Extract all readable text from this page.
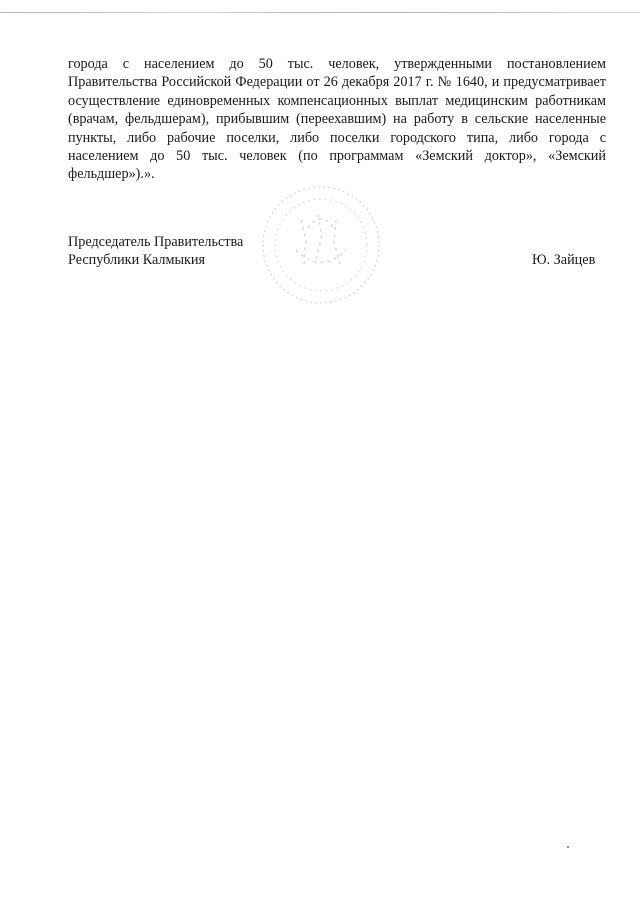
города с населением до 50 тыс. человек, утвержденными постановлением Правительства Российской Федерации от 26 декабря 2017 г. № 1640, и предусматривает осуществление единовременных компенсационных выплат медицинским работникам (врачам, фельдшерам), прибывшим (переехавшим) на работу в сельские населенные пункты, либо рабочие поселки, либо поселки городского типа, либо города с населением до 50 тыс. человек (по программам «Земский доктор», «Земский фельдшер»).».

Председатель Правительства
Республики Калмыкия	Ю. Зайцев
